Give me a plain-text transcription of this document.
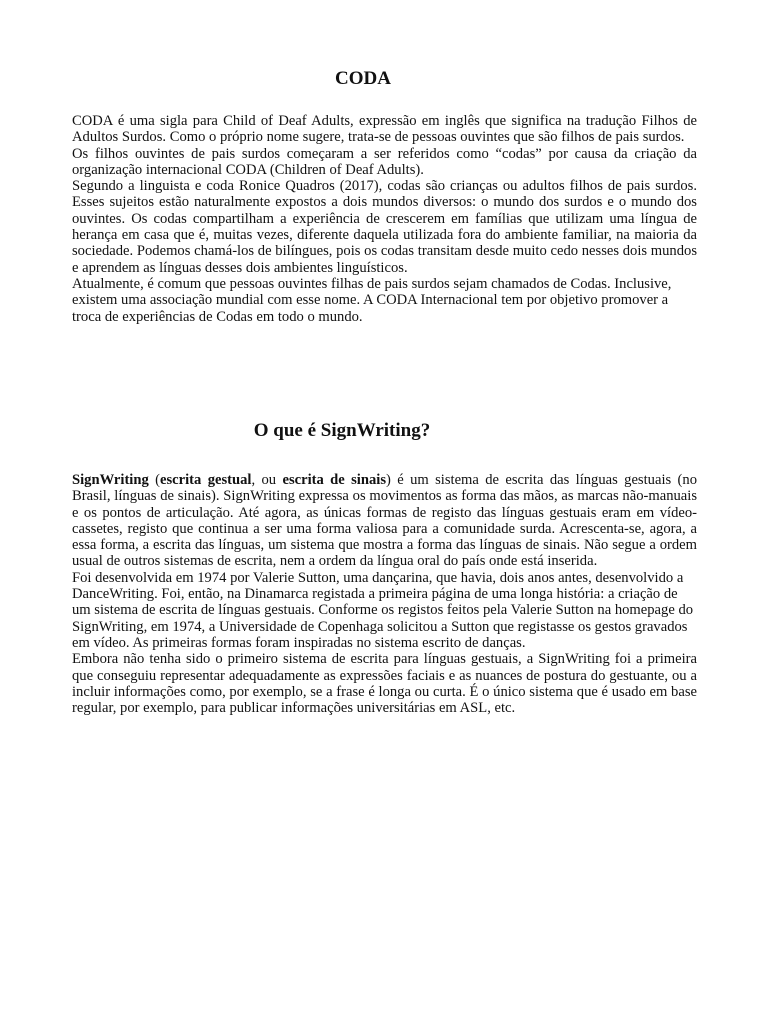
CODA

CODA é uma sigla para Child of Deaf Adults, expressão em inglês que significa na tradução Filhos de Adultos Surdos. Como o próprio nome sugere, trata-se de pessoas ouvintes que são filhos de pais surdos.

Os filhos ouvintes de pais surdos começaram a ser referidos como “codas” por causa da criação da organização internacional CODA (Children of Deaf Adults).

Segundo a linguista e coda Ronice Quadros (2017), codas são crianças ou adultos filhos de pais surdos. Esses sujeitos estão naturalmente expostos a dois mundos diversos: o mundo dos surdos e o mundo dos ouvintes. Os codas compartilham a experiência de crescerem em famílias que utilizam uma língua de herança em casa que é, muitas vezes, diferente daquela utilizada fora do ambiente familiar, na maioria da sociedade. Podemos chamá-los de bilíngues, pois os codas transitam desde muito cedo nesses dois mundos e aprendem as línguas desses dois ambientes linguísticos.

Atualmente, é comum que pessoas ouvintes filhas de pais surdos sejam chamados de Codas. Inclusive, existem uma associação mundial com esse nome. A CODA Internacional tem por objetivo promover a troca de experiências de Codas em todo o mundo.

O que é SignWriting?

SignWriting (escrita gestual, ou escrita de sinais) é um sistema de escrita das línguas gestuais (no Brasil, línguas de sinais). SignWriting expressa os movimentos as forma das mãos, as marcas não-manuais e os pontos de articulação. Até agora, as únicas formas de registo das línguas gestuais eram em vídeo-cassetes, registo que continua a ser uma forma valiosa para a comunidade surda. Acrescenta-se, agora, a essa forma, a escrita das línguas, um sistema que mostra a forma das línguas de sinais. Não segue a ordem usual de outros sistemas de escrita, nem a ordem da língua oral do país onde está inserida.

Foi desenvolvida em 1974 por Valerie Sutton, uma dançarina, que havia, dois anos antes, desenvolvido a DanceWriting. Foi, então, na Dinamarca registada a primeira página de uma longa história: a criação de um sistema de escrita de línguas gestuais. Conforme os registos feitos pela Valerie Sutton na homepage do SignWriting, em 1974, a Universidade de Copenhaga solicitou a Sutton que registasse os gestos gravados em vídeo. As primeiras formas foram inspiradas no sistema escrito de danças.

Embora não tenha sido o primeiro sistema de escrita para línguas gestuais, a SignWriting foi a primeira que conseguiu representar adequadamente as expressões faciais e as nuances de postura do gestuante, ou a incluir informações como, por exemplo, se a frase é longa ou curta. É o único sistema que é usado em base regular, por exemplo, para publicar informações universitárias em ASL, etc.
